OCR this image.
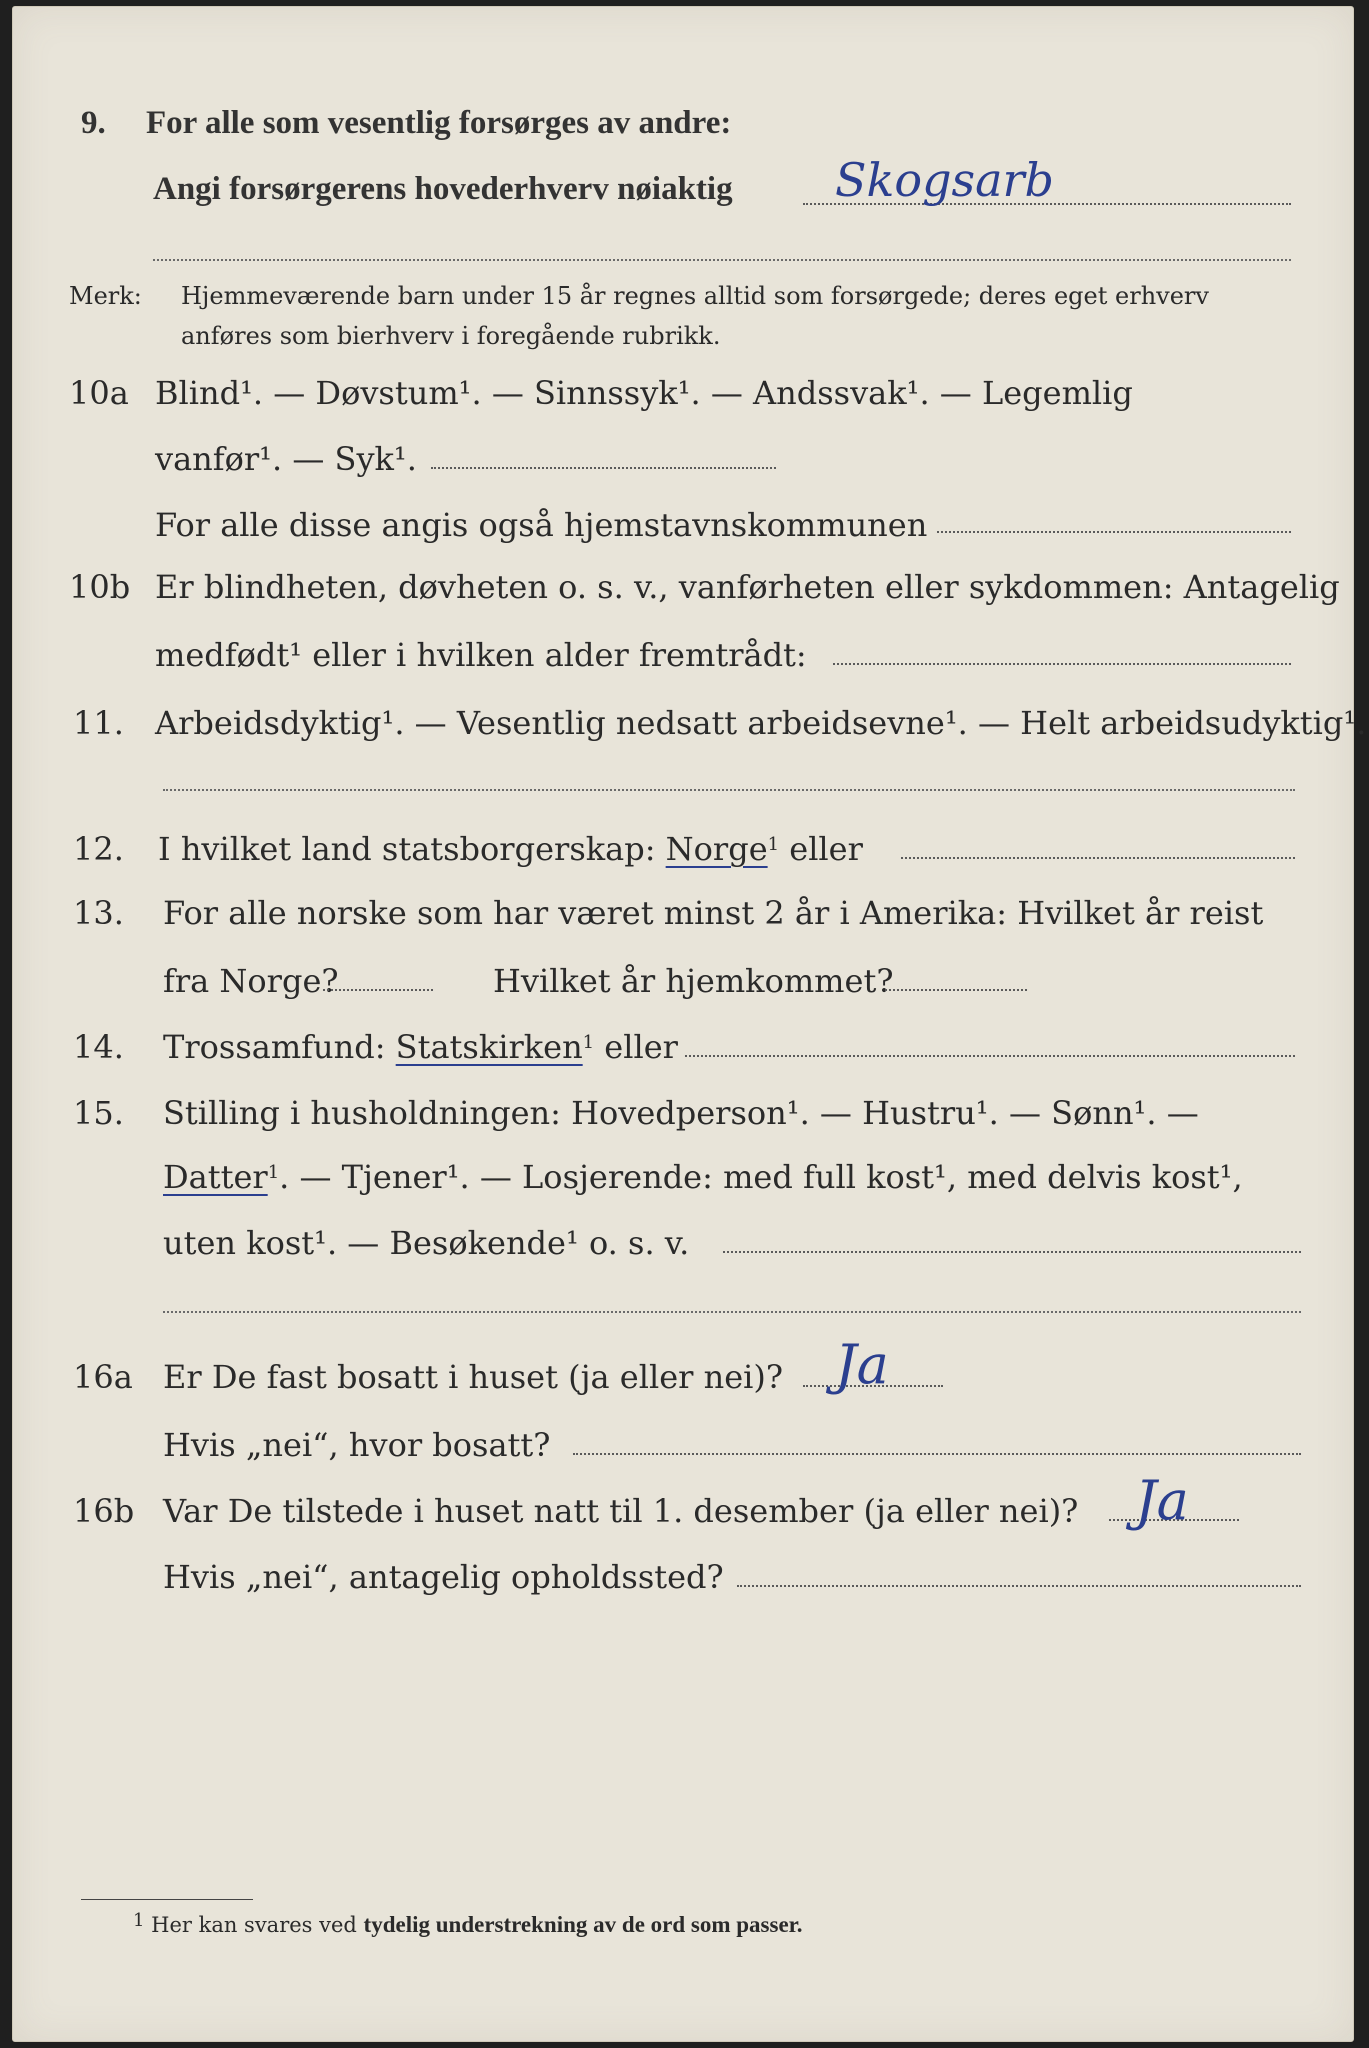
9. For alle som vesentlig forsørges av andre:
Angi forsørgerens hovederhverv nøiaktig Skogsarb
Merk: Hjemmeværende barn under 15 år regnes alltid som forsørgede; deres eget erhverv
anføres som bierhverv i foregående rubrikk.
10a Blind¹. — Døvstum¹. — Sinnssyk¹. — Andssvak¹. — Legemlig
vanfør¹. — Syk¹.
For alle disse angis også hjemstavnskommunen
10b Er blindheten, døvheten o. s. v., vanførheten eller sykdommen: Antagelig
medfødt¹ eller i hvilken alder fremtrådt:
11. Arbeidsdyktig¹. — Vesentlig nedsatt arbeidsevne¹. — Helt arbeidsudyktig¹.
12. I hvilket land statsborgerskap: Norge$^1$ eller
13. For alle norske som har været minst 2 år i Amerika: Hvilket år reist
fra Norge?	Hvilket år hjemkommet?
14. Trossamfund: Statskirken$^1$ eller
15. Stilling i husholdningen: Hovedperson¹. — Hustru¹. — Sønn¹. —
Datter$^1$. — Tjener¹. — Losjerende: med full kost¹, med delvis kost¹,
uten kost¹. — Besøkende¹ o. s. v.
16a Er De fast bosatt i huset (ja eller nei)? Ja
Hvis „nei“, hvor bosatt?
16b Var De tilstede i huset natt til 1. desember (ja eller nei)? Ja
Hvis „nei“, antagelig opholdssted?
$^1$ Her kan svares ved tydelig understrekning av de ord som passer.
